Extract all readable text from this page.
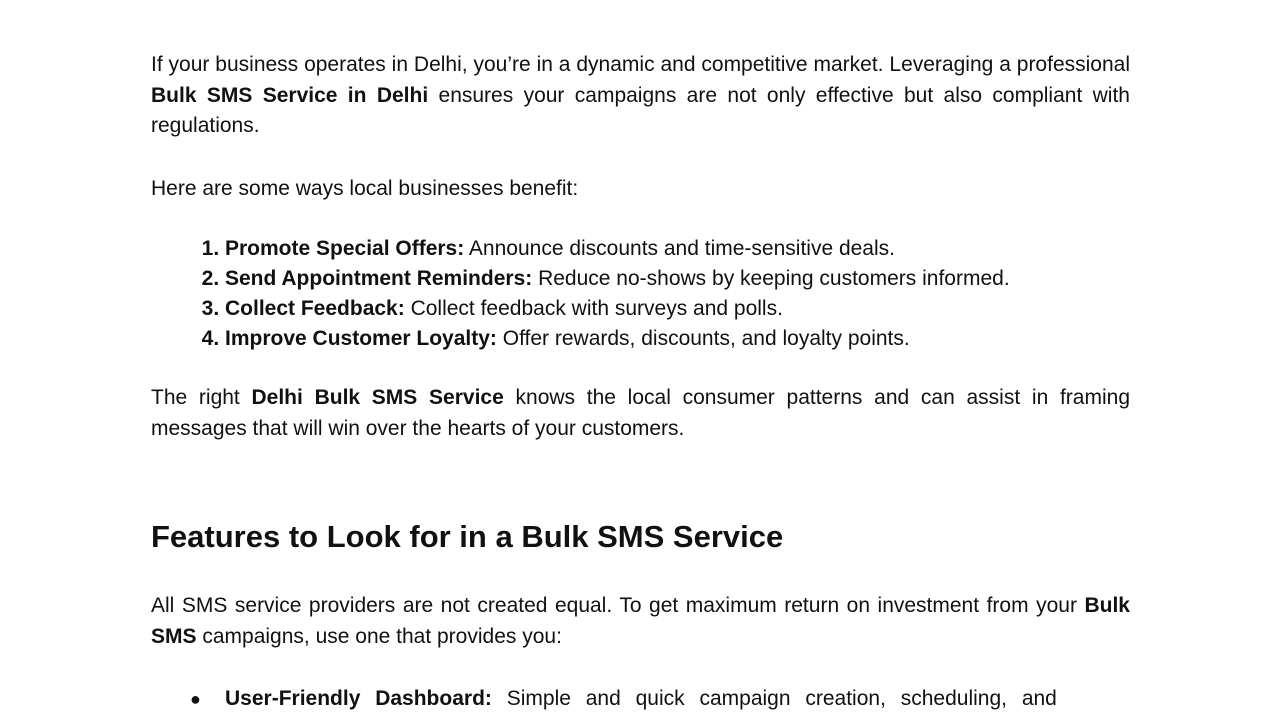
If your business operates in Delhi, you’re in a dynamic and competitive market. Leveraging a professional Bulk SMS Service in Delhi ensures your campaigns are not only effective but also compliant with regulations.

Here are some ways local businesses benefit:

1. Promote Special Offers: Announce discounts and time-sensitive deals.
2. Send Appointment Reminders: Reduce no-shows by keeping customers informed.
3. Collect Feedback: Collect feedback with surveys and polls.
4. Improve Customer Loyalty: Offer rewards, discounts, and loyalty points.

The right Delhi Bulk SMS Service knows the local consumer patterns and can assist in framing messages that will win over the hearts of your customers.

Features to Look for in a Bulk SMS Service

All SMS service providers are not created equal. To get maximum return on investment from your Bulk SMS campaigns, use one that provides you:

● User-Friendly Dashboard: Simple and quick campaign creation, scheduling, and
